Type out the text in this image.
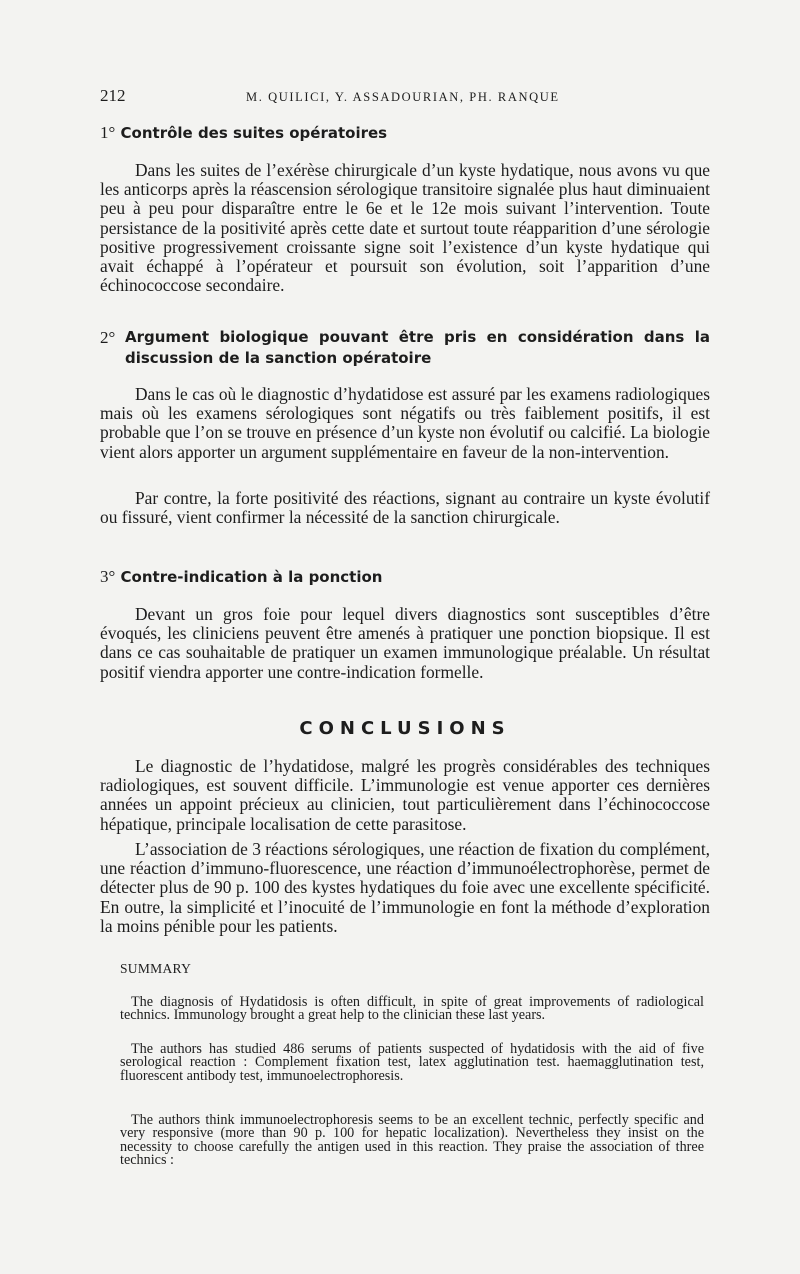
212	M. QUILICI, Y. ASSADOURIAN, PH. RANQUE
1° Contrôle des suites opératoires

Dans les suites de l’exérèse chirurgicale d’un kyste hydatique, nous avons vu que les anticorps après la réascension sérologique transitoire signalée plus haut diminuaient peu à peu pour disparaître entre le 6e et le 12e mois suivant l’intervention. Toute persistance de la positivité après cette date et surtout toute réapparition d’une sérologie positive progressivement croissante signe soit l’existence d’un kyste hydatique qui avait échappé à l’opérateur et poursuit son évolution, soit l’apparition d’une échinococcose secondaire.

2° Argument biologique pouvant être pris en considération dans la discussion de la sanction opératoire

Dans le cas où le diagnostic d’hydatidose est assuré par les examens radiologiques mais où les examens sérologiques sont négatifs ou très faiblement positifs, il est probable que l’on se trouve en présence d’un kyste non évolutif ou calcifié. La biologie vient alors apporter un argument supplémentaire en faveur de la non-intervention.

Par contre, la forte positivité des réactions, signant au contraire un kyste évolutif ou fissuré, vient confirmer la nécessité de la sanction chirurgicale.

3° Contre-indication à la ponction

Devant un gros foie pour lequel divers diagnostics sont susceptibles d’être évoqués, les cliniciens peuvent être amenés à pratiquer une ponction biopsique. Il est dans ce cas souhaitable de pratiquer un examen immunologique préalable. Un résultat positif viendra apporter une contre-indication formelle.

CONCLUSIONS

Le diagnostic de l’hydatidose, malgré les progrès considérables des techniques radiologiques, est souvent difficile. L’immunologie est venue apporter ces dernières années un appoint précieux au clinicien, tout particulièrement dans l’échinococcose hépatique, principale localisation de cette parasitose.

L’association de 3 réactions sérologiques, une réaction de fixation du complément, une réaction d’immuno-fluorescence, une réaction d’immunoélectrophorèse, permet de détecter plus de 90 p. 100 des kystes hydatiques du foie avec une excellente spécificité. En outre, la simplicité et l’inocuité de l’immunologie en font la méthode d’exploration la moins pénible pour les patients.

SUMMARY

The diagnosis of Hydatidosis is often difficult, in spite of great improvements of radiological technics. Immunology brought a great help to the clinician these last years.

The authors has studied 486 serums of patients suspected of hydatidosis with the aid of five serological reaction : Complement fixation test, latex agglutination test. haemagglutination test, fluorescent antibody test, immunoelectrophoresis.

The authors think immunoelectrophoresis seems to be an excellent technic, perfectly specific and very responsive (more than 90 p. 100 for hepatic localization). Nevertheless they insist on the necessity to choose carefully the antigen used in this reaction. They praise the association of three technics :
